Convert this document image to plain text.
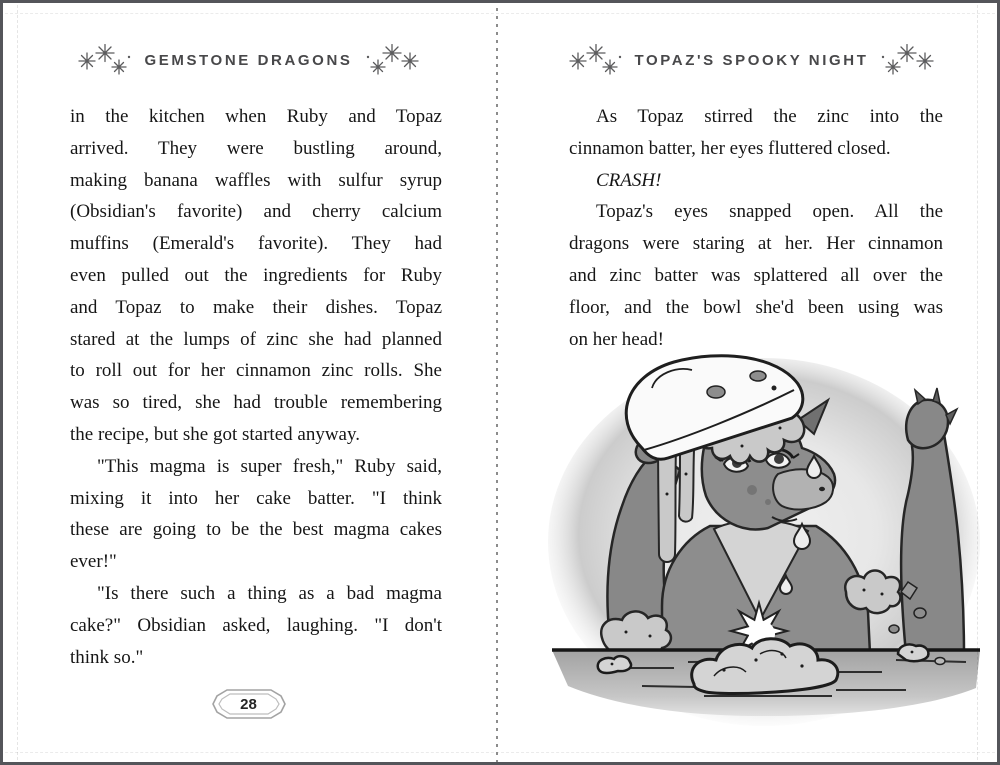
GEMSTONE DRAGONS
in the kitchen when Ruby and Topaz
arrived. They were bustling around,
making banana waffles with sulfur syrup
(Obsidian's favorite) and cherry calcium
muffins (Emerald's favorite). They had
even pulled out the ingredients for Ruby
and Topaz to make their dishes. Topaz
stared at the lumps of zinc she had planned
to roll out for her cinnamon zinc rolls. She
was so tired, she had trouble remembering
the recipe, but she got started anyway.
"This magma is super fresh," Ruby said,
mixing it into her cake batter. "I think
these are going to be the best magma cakes
ever!"
"Is there such a thing as a bad magma
cake?" Obsidian asked, laughing. "I don't
think so."
28
TOPAZ'S SPOOKY NIGHT
As Topaz stirred the zinc into the
cinnamon batter, her eyes fluttered closed.
CRASH!
Topaz's eyes snapped open. All the
dragons were staring at her. Her cinnamon
and zinc batter was splattered all over the
floor, and the bowl she'd been using was
on her head!
